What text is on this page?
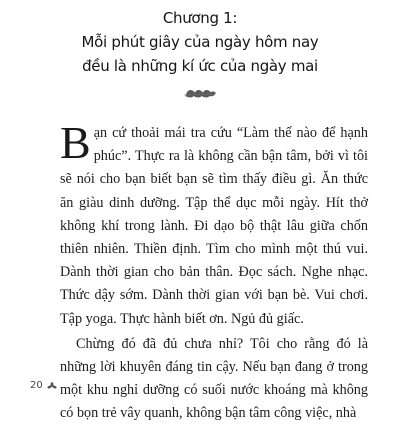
Chương 1:
Mỗi phút giây của ngày hôm nay
đều là những kí ức của ngày mai

Bạn cứ thoải mái tra cứu “Làm thế nào để hạnh phúc”. Thực ra là không cần bận tâm, bởi vì tôi sẽ nói cho bạn biết bạn sẽ tìm thấy điều gì. Ăn thức ăn giàu dinh dưỡng. Tập thể dục mỗi ngày. Hít thở không khí trong lành. Đi dạo bộ thật lâu giữa chốn thiên nhiên. Thiền định. Tìm cho mình một thú vui. Dành thời gian cho bản thân. Đọc sách. Nghe nhạc. Thức dậy sớm. Dành thời gian với bạn bè. Vui chơi. Tập yoga. Thực hành biết ơn. Ngủ đủ giấc.

Chừng đó đã đủ chưa nhỉ? Tôi cho rằng đó là những lời khuyên đáng tin cậy. Nếu bạn đang ở trong một khu nghỉ dưỡng có suối nước khoáng mà không có bọn trẻ vây quanh, không bận tâm công việc, nhà

20
